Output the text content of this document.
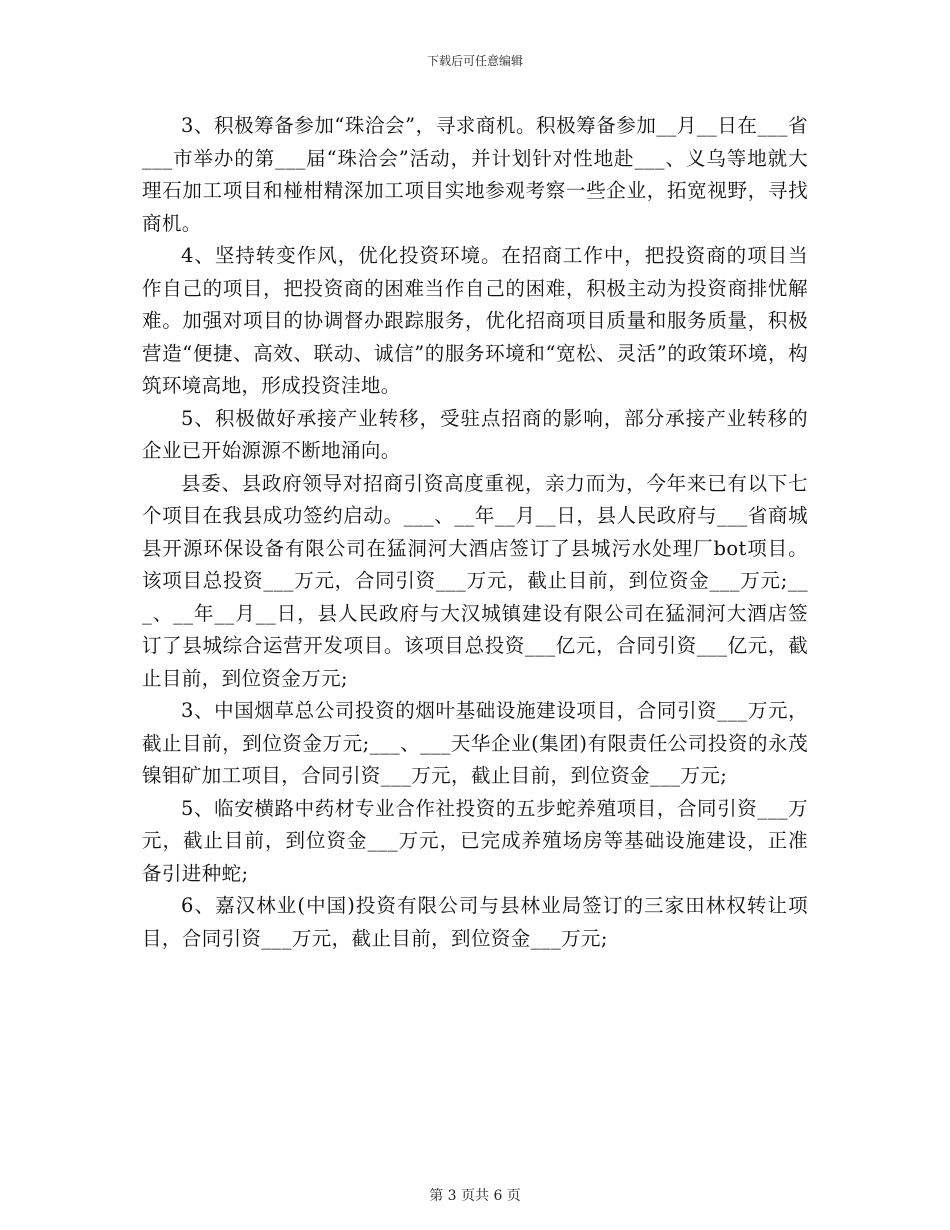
下载后可任意编辑

3、积极筹备参加“珠洽会”，寻求商机。积极筹备参加__月__日在___省___市举办的第___届“珠洽会”活动，并计划针对性地赴___、义乌等地就大理石加工项目和椪柑精深加工项目实地参观考察一些企业，拓宽视野，寻找商机。

4、坚持转变作风，优化投资环境。在招商工作中，把投资商的项目当作自己的项目，把投资商的困难当作自己的困难，积极主动为投资商排忧解难。加强对项目的协调督办跟踪服务，优化招商项目质量和服务质量，积极营造“便捷、高效、联动、诚信”的服务环境和“宽松、灵活”的政策环境，构筑环境高地，形成投资洼地。

5、积极做好承接产业转移，受驻点招商的影响，部分承接产业转移的企业已开始源源不断地涌向。

县委、县政府领导对招商引资高度重视，亲力而为，今年来已有以下七个项目在我县成功签约启动。___、__年__月__日，县人民政府与___省商城县开源环保设备有限公司在猛洞河大酒店签订了县城污水处理厂bot项目。该项目总投资___万元，合同引资___万元，截止目前，到位资金___万元;___、__年__月__日，县人民政府与大汉城镇建设有限公司在猛洞河大酒店签订了县城综合运营开发项目。该项目总投资___亿元，合同引资___亿元，截止目前，到位资金万元;

3、中国烟草总公司投资的烟叶基础设施建设项目，合同引资___万元，截止目前，到位资金万元;___、___天华企业(集团)有限责任公司投资的永茂镍钼矿加工项目，合同引资___万元，截止目前，到位资金___万元;

5、临安横路中药材专业合作社投资的五步蛇养殖项目，合同引资___万元，截止目前，到位资金___万元，已完成养殖场房等基础设施建设，正准备引进种蛇;

6、嘉汉林业(中国)投资有限公司与县林业局签订的三家田林权转让项目，合同引资___万元，截止目前，到位资金___万元;

第 3 页共 6 页
